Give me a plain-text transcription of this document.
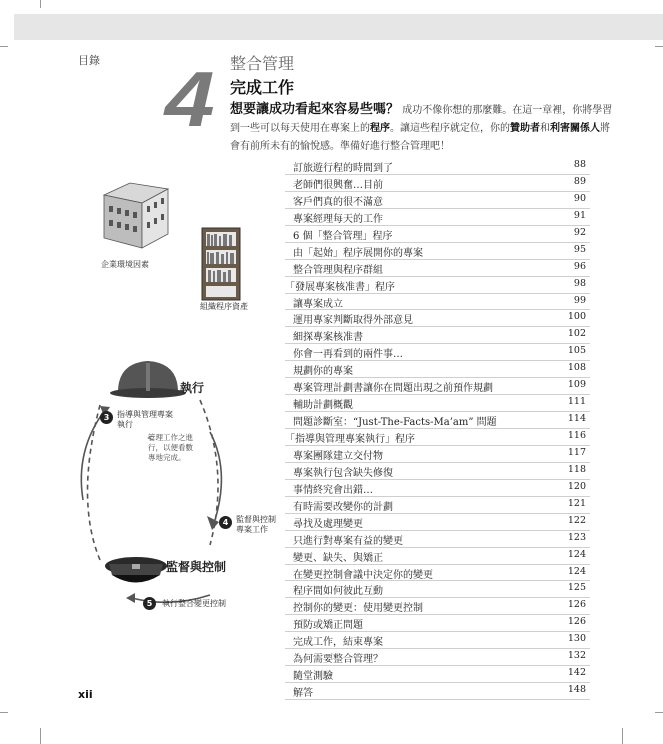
目錄 4 整合管理
完成工作
想要讓成功看起來容易些嗎？ 成功不像你想的那麼難。在這一章裡，你將學習到一些可以每天使用在專案上的程序。讓這些程序就定位，你的贊助者和利害關係人將會有前所未有的愉悅感。準備好進行整合管理吧！
企業環境因素
組織程序資產
執行
監督與控制
3 指導與管理專案
執行
4 監督與控制
專案工作
5	執行整合變更控制
管理工作之進
行，以便看數
專地完成。
訂旅遊行程的時間到了	88
老師們很興奮…目前	89
客戶們真的很不滿意	90
專案經理每天的工作	91
6 個「整合管理」程序	92
由「起始」程序展開你的專案	95
整合管理與程序群組	96
「發展專案核准書」程序	98
讓專案成立	99
運用專家判斷取得外部意見	100
細探專案核准書	102
你會一再看到的兩件事…	105
規劃你的專案	108
專案管理計劃書讓你在問題出現之前預作規劃	109
輔助計劃概觀	111
問題診斷室：“Just-The-Facts-Ma’am” 問題	114
「指導與管理專案執行」程序	116
專案團隊建立交付物	117
專案執行包含缺失修復	118
事情終究會出錯…	120
有時需要改變你的計劃	121
尋找及處理變更	122
只進行對專案有益的變更	123
變更、缺失、與矯正	124
在變更控制會議中決定你的變更	124
程序間如何彼此互動	125
控制你的變更：使用變更控制	126
預防或矯正問題	126
完成工作，結束專案	130
為何需要整合管理？	132
隨堂測驗	142
解答	148
xii
